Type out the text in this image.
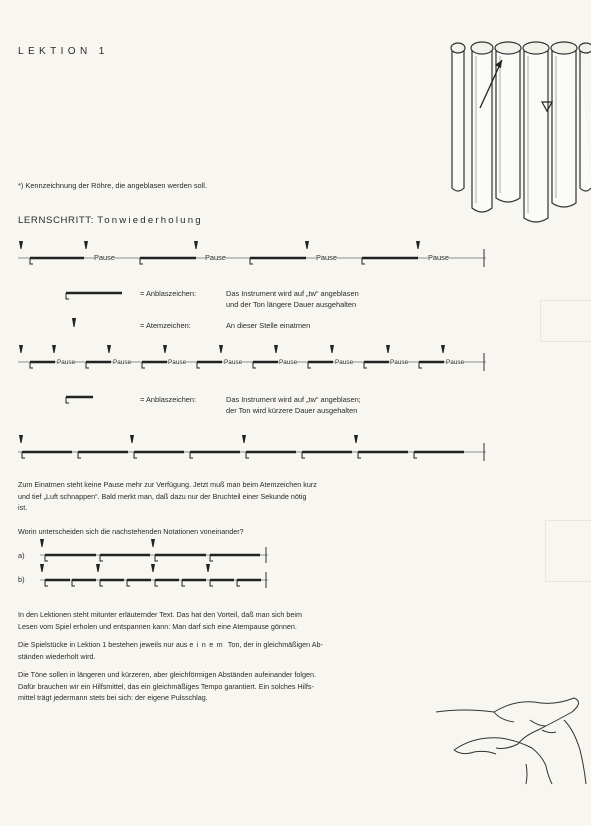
LEKTION 1
*) Kennzeichnung der Röhre, die angeblasen werden soll.
LERNSCHRITT: Tonwiederholung
Pause	Pause	Pause	Pause
= Anblaszeichen:	Das Instrument wird auf „tw“ angeblasen
und der Ton längere Dauer ausgehalten
= Atemzeichen:	An dieser Stelle einatmen
Pause	Pause	Pause	Pause	Pause	Pause	Pause	Pause
= Anblaszeichen:	Das Instrument wird auf „tw“ angeblasen;
der Ton wird kürzere Dauer ausgehalten
Zum Einatmen steht keine Pause mehr zur Verfügung. Jetzt muß man beim Atemzeichen kurz
und tief „Luft schnappen“. Bald merkt man, daß dazu nur der Bruchteil einer Sekunde nötig
ist.
Worin unterscheiden sich die nachstehenden Notationen voneinander?
a)
b)
In den Lektionen steht mitunter erläuternder Text. Das hat den Vorteil, daß man sich beim
Lesen vom Spiel erholen und entspannen kann: Man darf sich eine Atempause gönnen.
Die Spielstücke in Lektion 1 bestehen jeweils nur aus einem Ton, der in gleichmäßigen Ab-
ständen wiederholt wird.
Die Töne sollen in längeren und kürzeren, aber gleichförmigen Abständen aufeinander folgen.
Dafür brauchen wir ein Hilfsmittel, das ein gleichmäßiges Tempo garantiert. Ein solches Hilfs-
mittel trägt jedermann stets bei sich: der eigene Pulsschlag.
